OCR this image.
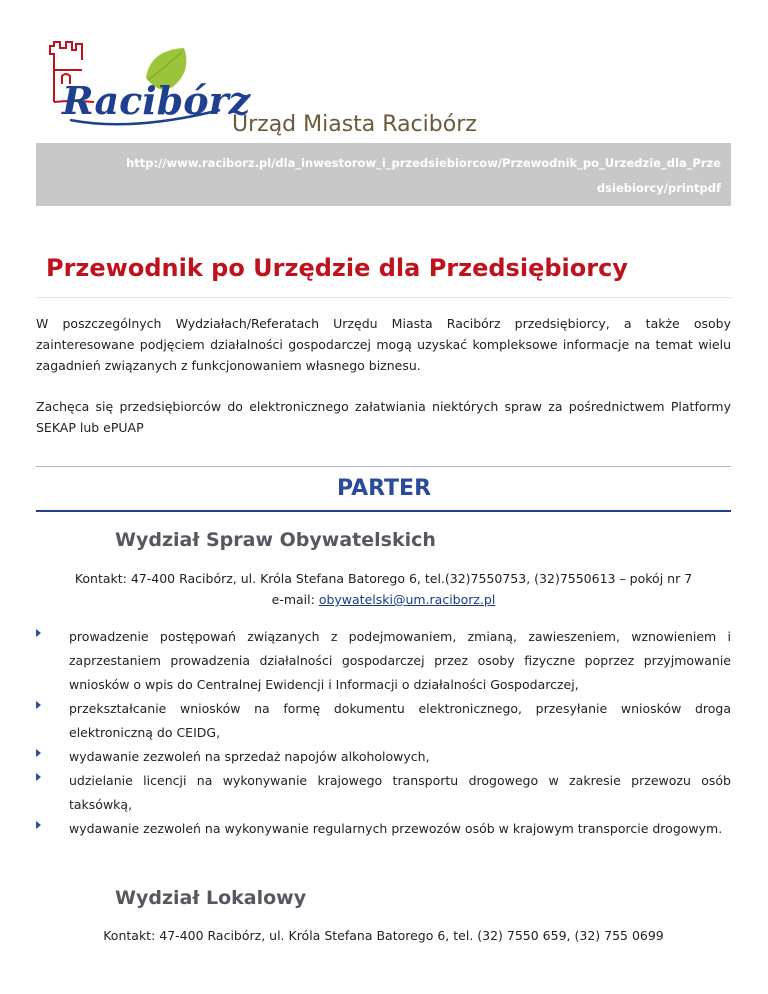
Racibórz
Urząd Miasta Racibórz
http://www.raciborz.pl/dla_inwestorow_i_przedsiebiorcow/Przewodnik_po_Urzedzie_dla_Prze
dsiebiorcy/printpdf
Przewodnik po Urzędzie dla Przedsiębiorcy

W poszczególnych Wydziałach/Referatach Urzędu Miasta Racibórz przedsiębiorcy, a także osoby zainteresowane podjęciem działalności gospodarczej mogą uzyskać kompleksowe informacje na temat wielu zagadnień związanych z funkcjonowaniem własnego biznesu.

Zachęca się przedsiębiorców do elektronicznego załatwiania niektórych spraw za pośrednictwem Platformy SEKAP lub ePUAP

PARTER
Wydział Spraw Obywatelskich
Kontakt: 47-400 Racibórz, ul. Króla Stefana Batorego 6, tel.(32)7550753, (32)7550613 – pokój nr 7
e-mail: obywatelski@um.raciborz.pl
prowadzenie postępowań związanych z podejmowaniem, zmianą, zawieszeniem, wznowieniem i zaprzestaniem prowadzenia działalności gospodarczej przez osoby fizyczne poprzez przyjmowanie wniosków o wpis do Centralnej Ewidencji i Informacji o działalności Gospodarczej,
przekształcanie wniosków na formę dokumentu elektronicznego, przesyłanie wniosków droga elektroniczną do CEIDG,
wydawanie zezwoleń na sprzedaż napojów alkoholowych,
udzielanie licencji na wykonywanie krajowego transportu drogowego w zakresie przewozu osób taksówką,
wydawanie zezwoleń na wykonywanie regularnych przewozów osób w krajowym transporcie drogowym.
Wydział Lokalowy
Kontakt: 47-400 Racibórz, ul. Króla Stefana Batorego 6, tel. (32) 7550 659, (32) 755 0699
